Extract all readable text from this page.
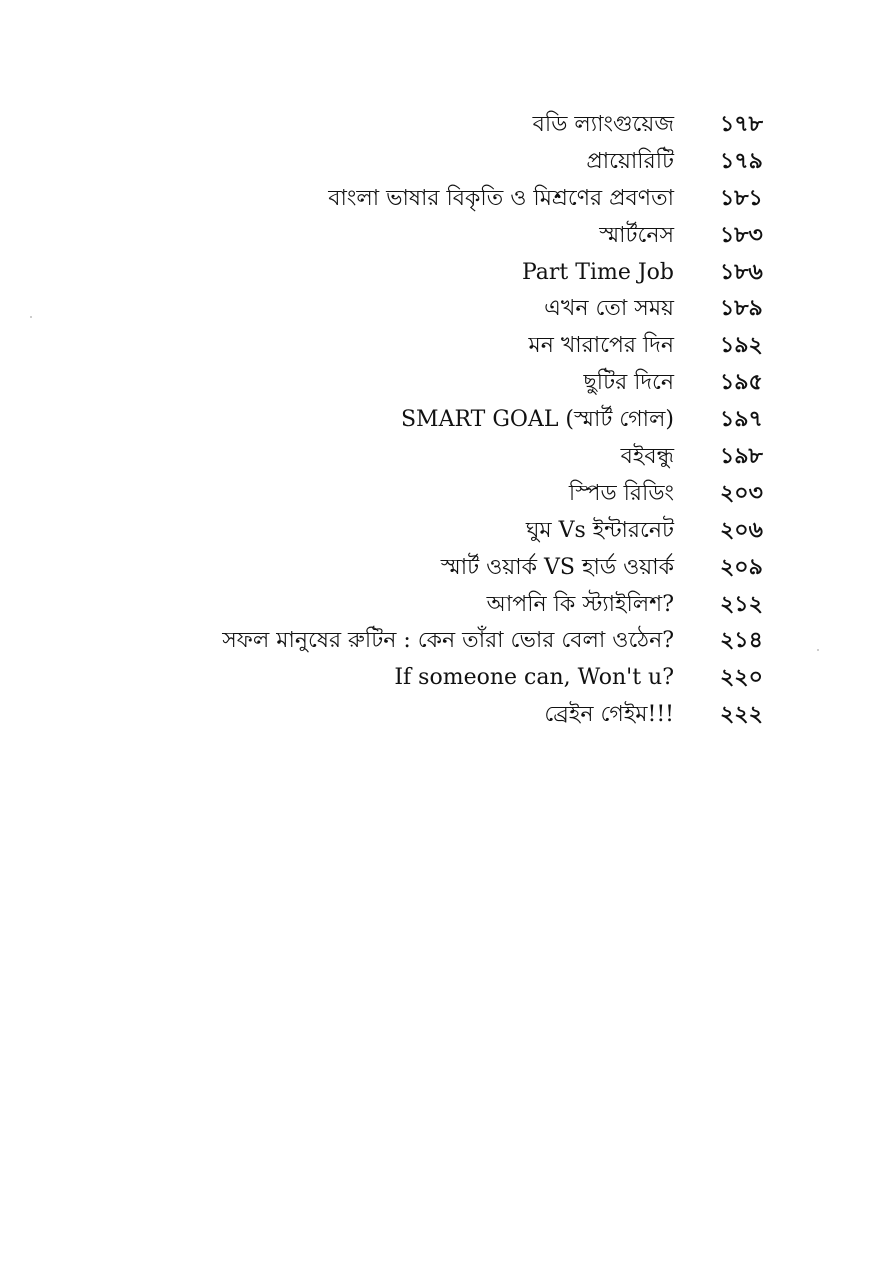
বডি ল্যাংগুয়েজ ১৭৮
প্রায়োরিটি ১৭৯
বাংলা ভাষার বিকৃতি ও মিশ্রণের প্রবণতা ১৮১
স্মার্টনেস ১৮৩
Part Time Job ১৮৬
এখন তো সময় ১৮৯
মন খারাপের দিন ১৯২
ছুটির দিনে ১৯৫
SMART GOAL (স্মার্ট গোল) ১৯৭
বইবন্ধু ১৯৮
স্পিড রিডিং ২০৩
ঘুম Vs ইন্টারনেট ২০৬
স্মার্ট ওয়ার্ক VS হার্ড ওয়ার্ক ২০৯
আপনি কি স্ট্যাইলিশ? ২১২
সফল মানুষের রুটিন : কেন তাঁরা ভোর বেলা ওঠেন? ২১৪
If someone can, Won't u? ২২০
ব্রেইন গেইম!!! ২২২
